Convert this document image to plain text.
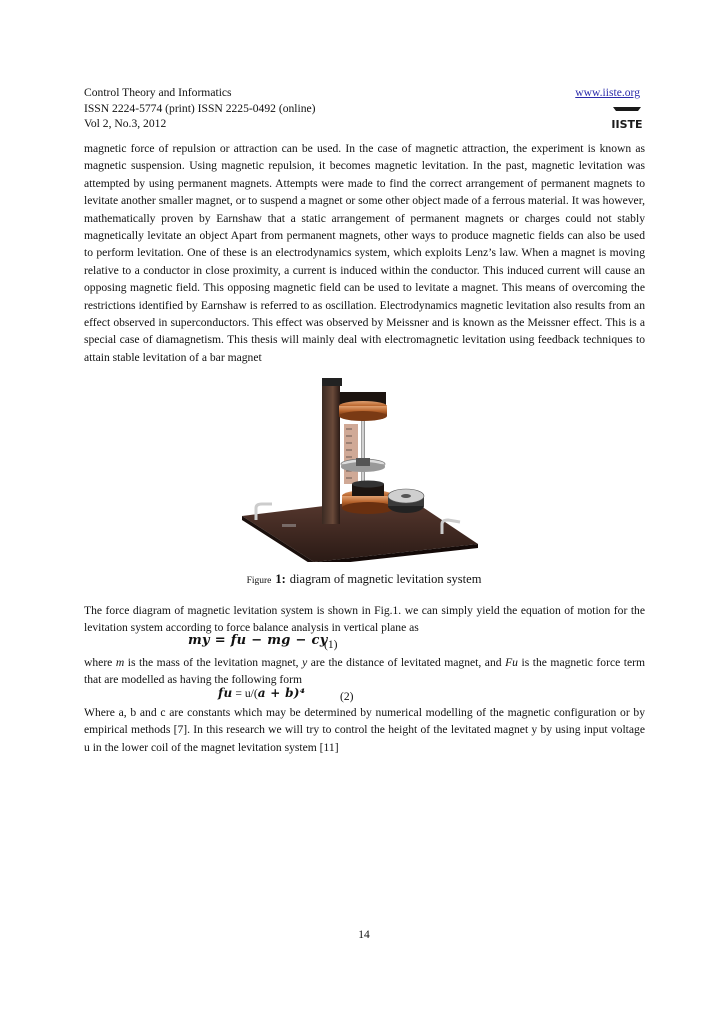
Control Theory and Informatics
ISSN 2224-5774 (print) ISSN 2225-0492 (online)
Vol 2, No.3, 2012
www.iiste.org
IISTE

magnetic force of repulsion or attraction can be used. In the case of magnetic attraction, the experiment is known as magnetic suspension. Using magnetic repulsion, it becomes magnetic levitation. In the past, magnetic levitation was attempted by using permanent magnets. Attempts were made to find the correct arrangement of permanent magnets to levitate another smaller magnet, or to suspend a magnet or some other object made of a ferrous material. It was however, mathematically proven by Earnshaw that a static arrangement of permanent magnets or charges could not stably magnetically levitate an object Apart from permanent magnets, other ways to produce magnetic fields can also be used to perform levitation. One of these is an electrodynamics system, which exploits Lenz’s law. When a magnet is moving relative to a conductor in close proximity, a current is induced within the conductor. This induced current will cause an opposing magnetic field. This opposing magnetic field can be used to levitate a magnet. This means of overcoming the restrictions identified by Earnshaw is referred to as oscillation. Electrodynamics magnetic levitation also results from an effect observed in superconductors. This effect was observed by Meissner and is known as the Meissner effect. This is a special case of diamagnetism. This thesis will mainly deal with electromagnetic levitation using feedback techniques to attain stable levitation of a bar magnet

Figure 1: diagram of magnetic levitation system

The force diagram of magnetic levitation system is shown in Fig.1. we can simply yield the equation of motion for the levitation system according to force balance analysis in vertical plane as

my = fu − mg − cy
(1)

where m is the mass of the levitation magnet, y are the distance of levitated magnet, and Fu is the magnetic force term that are modelled as having the following form

fu = u/(a + b)⁴	(2)

Where a, b and c are constants which may be determined by numerical modelling of the magnetic configuration or by empirical methods [7]. In this research we will try to control the height of the levitated magnet y by using input voltage u in the lower coil of the magnet levitation system [11]

14
